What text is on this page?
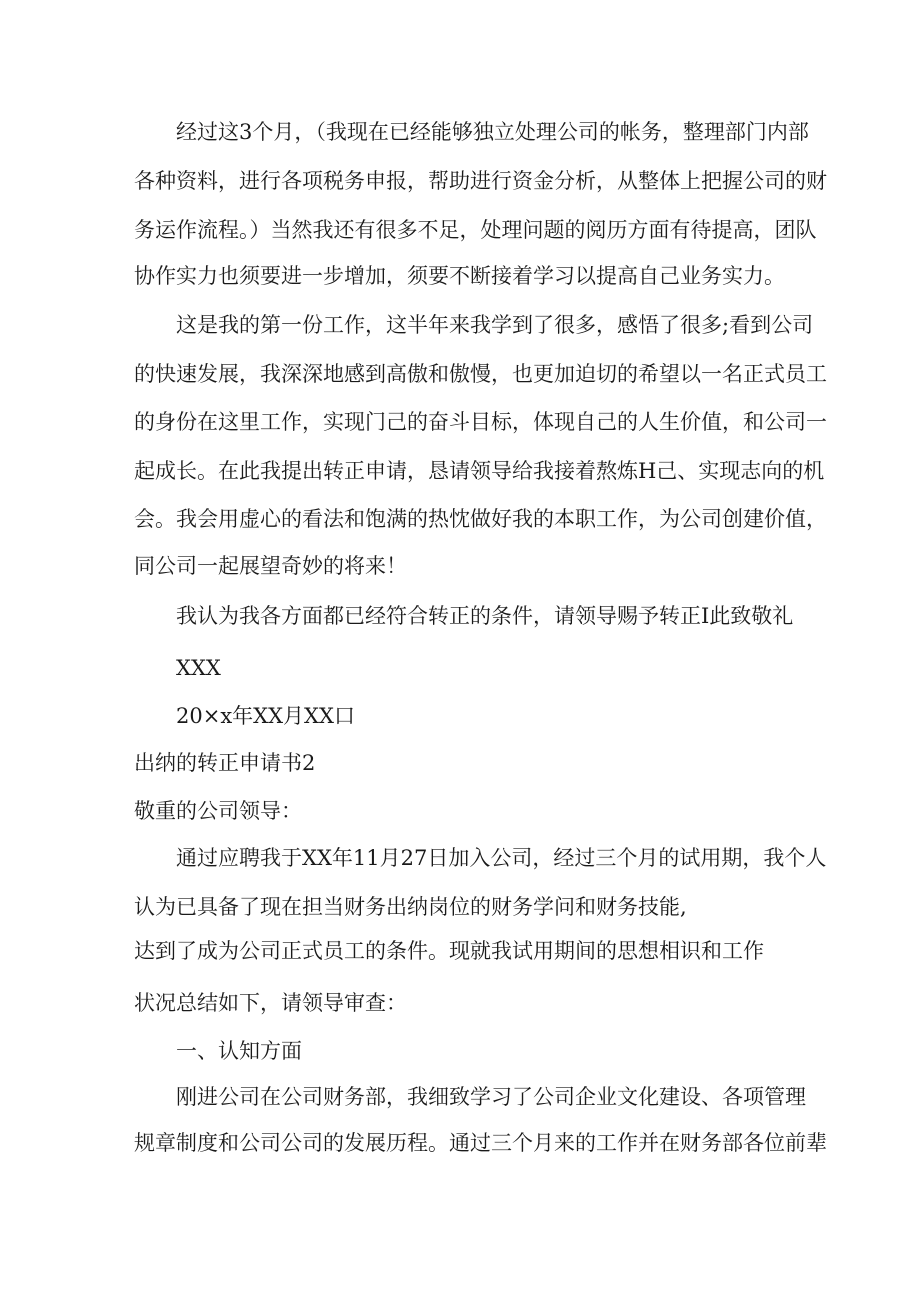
经过这3个月，（我现在已经能够独立处理公司的帐务，整理部门内部
各种资料，进行各项税务申报，帮助进行资金分析，从整体上把握公司的财
务运作流程。）当然我还有很多不足，处理问题的阅历方面有待提高，团队
协作实力也须要进一步增加，须要不断接着学习以提高自己业务实力。
这是我的第一份工作，这半年来我学到了很多，感悟了很多;看到公司
的快速发展，我深深地感到高傲和傲慢，也更加迫切的希望以一名正式员工
的身份在这里工作，实现门己的奋斗目标，体现自己的人生价值，和公司一
起成长。在此我提出转正申请，恳请领导给我接着熬炼H己、实现志向的机
会。我会用虚心的看法和饱满的热忱做好我的本职工作，为公司创建价值，
同公司一起展望奇妙的将来！
我认为我各方面都已经符合转正的条件，请领导赐予转正I此致敬礼
XXX
20×x年XX月XX口
出纳的转正申请书2
敬重的公司领导：
通过应聘我于XX年11月27日加入公司，经过三个月的试用期，我个人
认为已具备了现在担当财务出纳岗位的财务学问和财务技能,
达到了成为公司正式员工的条件。现就我试用期间的思想相识和工作
状况总结如下，请领导审查：
一、认知方面
刚进公司在公司财务部，我细致学习了公司企业文化建设、各项管理
规章制度和公司公司的发展历程。通过三个月来的工作并在财务部各位前辈
